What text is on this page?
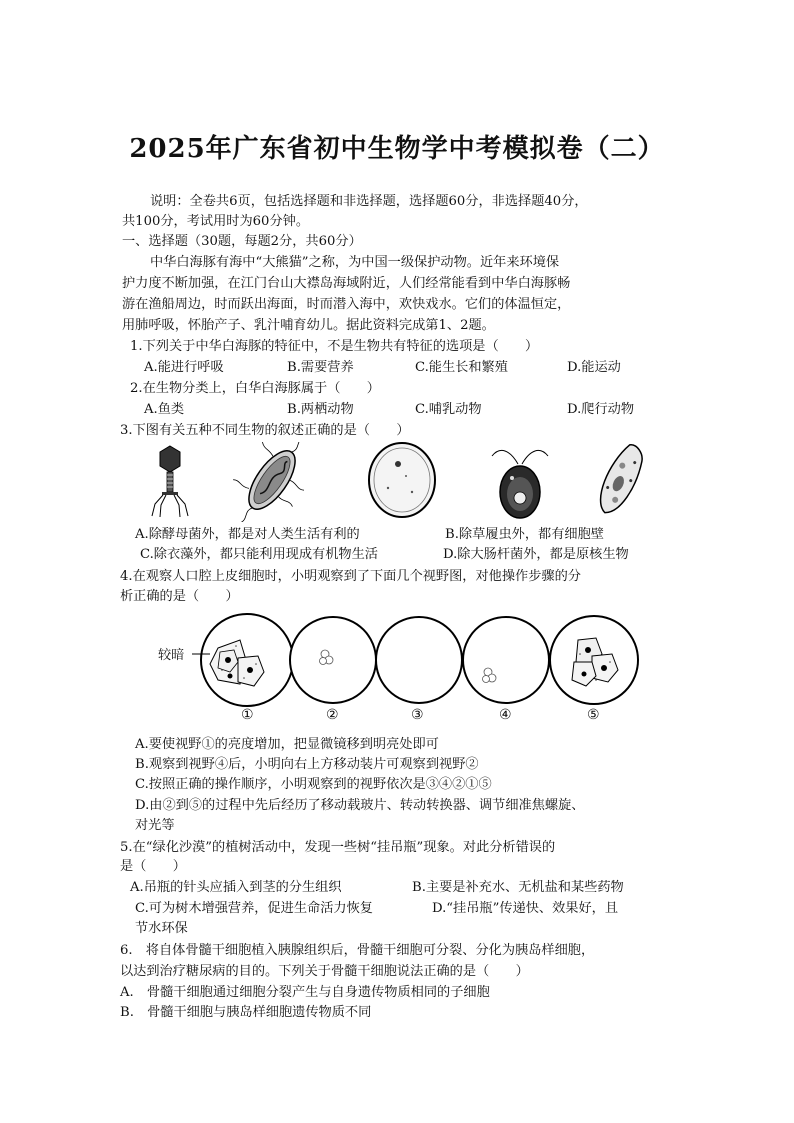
2025年广东省初中生物学中考模拟卷（二）
说明：全卷共6页，包括选择题和非选择题，选择题60分，非选择题40分，
共100分，考试用时为60分钟。
一、选择题（30题，每题2分，共60分）
中华白海豚有海中“大熊猫”之称，为中国一级保护动物。近年来环境保
护力度不断加强，在江门台山大襟岛海域附近，人们经常能看到中华白海豚畅
游在渔船周边，时而跃出海面，时而潜入海中，欢快戏水。它们的体温恒定，
用肺呼吸，怀胎产子、乳汁哺育幼儿。据此资料完成第1、2题。
1.下列关于中华白海豚的特征中，不是生物共有特征的选项是（　　）
A.能进行呼吸	B.需要营养	C.能生长和繁殖	D.能运动
2.在生物分类上，白华白海豚属于（　　）
A.鱼类	B.两栖动物	C.哺乳动物	D.爬行动物
3.下图有关五种不同生物的叙述正确的是（　　）
A.除酵母菌外，都是对人类生活有利的	B.除草履虫外，都有细胞壁
C.除衣藻外，都只能利用现成有机物生活	D.除大肠杆菌外，都是原核生物
4.在观察人口腔上皮细胞时，小明观察到了下面几个视野图，对他操作步骤的分
析正确的是（　　）
较暗
①	②	③	④	⑤
A.要使视野①的亮度增加，把显微镜移到明亮处即可
B.观察到视野④后，小明向右上方移动装片可观察到视野②
C.按照正确的操作顺序，小明观察到的视野依次是③④②①⑤
D.由②到⑤的过程中先后经历了移动载玻片、转动转换器、调节细准焦螺旋、
对光等
5.在“绿化沙漠”的植树活动中，发现一些树“挂吊瓶”现象。对此分析错误的
是（　　）
A.吊瓶的针头应插入到茎的分生组织	B.主要是补充水、无机盐和某些药物
C.可为树木增强营养，促进生命活力恢复	D.“挂吊瓶”传递快、效果好，且
节水环保
6.　将自体骨髓干细胞植入胰腺组织后，骨髓干细胞可分裂、分化为胰岛样细胞，
以达到治疗糖尿病的目的。下列关于骨髓干细胞说法正确的是（　　）
A.　骨髓干细胞通过细胞分裂产生与自身遗传物质相同的子细胞
B.　骨髓干细胞与胰岛样细胞遗传物质不同
